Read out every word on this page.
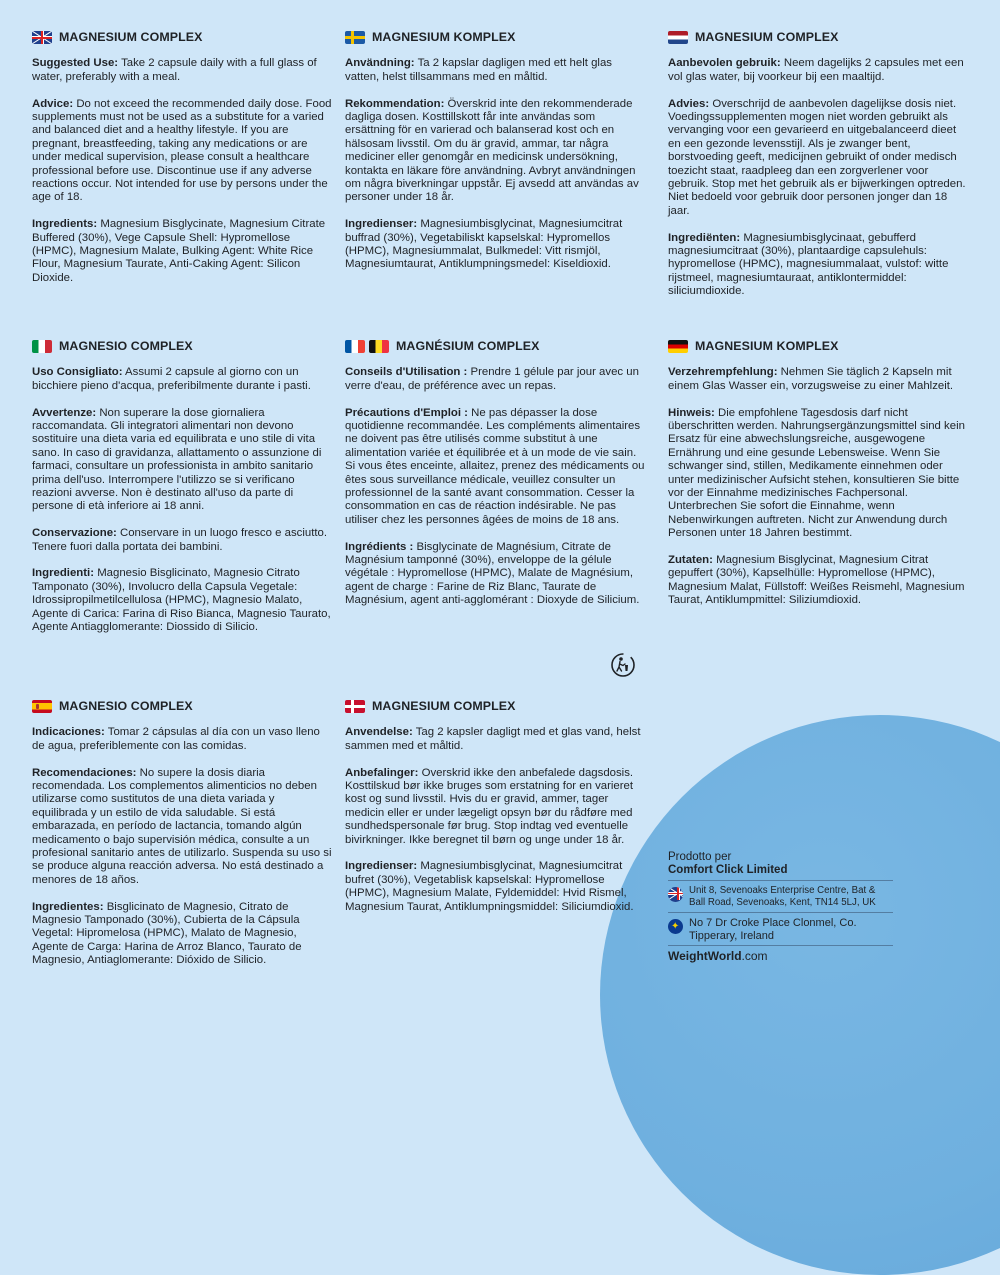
MAGNESIUM COMPLEX

Suggested Use: Take 2 capsule daily with a full glass of water, preferably with a meal.

Advice: Do not exceed the recommended daily dose. Food supplements must not be used as a substitute for a varied and balanced diet and a healthy lifestyle. If you are pregnant, breastfeeding, taking any medications or are under medical supervision, please consult a healthcare professional before use. Discontinue use if any adverse reactions occur. Not intended for use by persons under the age of 18.

Ingredients: Magnesium Bisglycinate, Magnesium Citrate Buffered (30%), Vege Capsule Shell: Hypromellose (HPMC), Magnesium Malate, Bulking Agent: White Rice Flour, Magnesium Taurate, Anti-Caking Agent: Silicon Dioxide.

MAGNESIUM KOMPLEX

Användning: Ta 2 kapslar dagligen med ett helt glas vatten, helst tillsammans med en måltid.

Rekommendation: Överskrid inte den rekommenderade dagliga dosen. Kosttillskott får inte användas som ersättning för en varierad och balanserad kost och en hälsosam livsstil. Om du är gravid, ammar, tar några mediciner eller genomgår en medicinsk undersökning, kontakta en läkare före användning. Avbryt användningen om några biverkningar uppstår. Ej avsedd att användas av personer under 18 år.

Ingredienser: Magnesiumbisglycinat, Magnesiumcitrat buffrad (30%), Vegetabiliskt kapselskal: Hypromellos (HPMC), Magnesiummalat, Bulkmedel: Vitt rismjöl, Magnesiumtaurat, Antiklumpningsmedel: Kiseldioxid.

MAGNESIUM COMPLEX

Aanbevolen gebruik: Neem dagelijks 2 capsules met een vol glas water, bij voorkeur bij een maaltijd.

Advies: Overschrijd de aanbevolen dagelijkse dosis niet. Voedingssupplementen mogen niet worden gebruikt als vervanging voor een gevarieerd en uitgebalanceerd dieet en een gezonde levensstijl. Als je zwanger bent, borstvoeding geeft, medicijnen gebruikt of onder medisch toezicht staat, raadpleeg dan een zorgverlener voor gebruik. Stop met het gebruik als er bijwerkingen optreden. Niet bedoeld voor gebruik door personen jonger dan 18 jaar.

Ingrediënten: Magnesiumbisglycinaat, gebufferd magnesiumcitraat (30%), plantaardige capsulehuls: hypromellose (HPMC), magnesiummalaat, vulstof: witte rijstmeel, magnesiumtauraat, antiklontermiddel: siliciumdioxide.

MAGNESIO COMPLEX

Uso Consigliato: Assumi 2 capsule al giorno con un bicchiere pieno d'acqua, preferibilmente durante i pasti.

Avvertenze: Non superare la dose giornaliera raccomandata. Gli integratori alimentari non devono sostituire una dieta varia ed equilibrata e uno stile di vita sano. In caso di gravidanza, allattamento o assunzione di farmaci, consultare un professionista in ambito sanitario prima dell'uso. Interrompere l'utilizzo se si verificano reazioni avverse. Non è destinato all'uso da parte di persone di età inferiore ai 18 anni.

Conservazione: Conservare in un luogo fresco e asciutto. Tenere fuori dalla portata dei bambini.

Ingredienti: Magnesio Bisglicinato, Magnesio Citrato Tamponato (30%), Involucro della Capsula Vegetale: Idrossipropilmetilcellulosa (HPMC), Magnesio Malato, Agente di Carica: Farina di Riso Bianca, Magnesio Taurato, Agente Antiagglomerante: Diossido di Silicio.

MAGNÉSIUM COMPLEX

Conseils d'Utilisation : Prendre 1 gélule par jour avec un verre d'eau, de préférence avec un repas.

Précautions d'Emploi : Ne pas dépasser la dose quotidienne recommandée. Les compléments alimentaires ne doivent pas être utilisés comme substitut à une alimentation variée et équilibrée et à un mode de vie sain. Si vous êtes enceinte, allaitez, prenez des médicaments ou êtes sous surveillance médicale, veuillez consulter un professionnel de la santé avant consommation. Cesser la consommation en cas de réaction indésirable. Ne pas utiliser chez les personnes âgées de moins de 18 ans.

Ingrédients : Bisglycinate de Magnésium, Citrate de Magnésium tamponné (30%), enveloppe de la gélule végétale : Hypromellose (HPMC), Malate de Magnésium, agent de charge : Farine de Riz Blanc, Taurate de Magnésium, agent anti-agglomérant : Dioxyde de Silicium.

MAGNESIUM KOMPLEX

Verzehrempfehlung: Nehmen Sie täglich 2 Kapseln mit einem Glas Wasser ein, vorzugsweise zu einer Mahlzeit.

Hinweis: Die empfohlene Tagesdosis darf nicht überschritten werden. Nahrungsergänzungsmittel sind kein Ersatz für eine abwechslungsreiche, ausgewogene Ernährung und eine gesunde Lebensweise. Wenn Sie schwanger sind, stillen, Medikamente einnehmen oder unter medizinischer Aufsicht stehen, konsultieren Sie bitte vor der Einnahme medizinisches Fachpersonal. Unterbrechen Sie sofort die Einnahme, wenn Nebenwirkungen auftreten. Nicht zur Anwendung durch Personen unter 18 Jahren bestimmt.

Zutaten: Magnesium Bisglycinat, Magnesium Citrat gepuffert (30%), Kapselhülle: Hypromellose (HPMC), Magnesium Malat, Füllstoff: Weißes Reismehl, Magnesium Taurat, Antiklumpmittel: Siliziumdioxid.

MAGNESIO COMPLEX

Indicaciones: Tomar 2 cápsulas al día con un vaso lleno de agua, preferiblemente con las comidas.

Recomendaciones: No supere la dosis diaria recomendada. Los complementos alimenticios no deben utilizarse como sustitutos de una dieta variada y equilibrada y un estilo de vida saludable. Si está embarazada, en período de lactancia, tomando algún medicamento o bajo supervisión médica, consulte a un profesional sanitario antes de utilizarlo. Suspenda su uso si se produce alguna reacción adversa. No está destinado a menores de 18 años.

Ingredientes: Bisglicinato de Magnesio, Citrato de Magnesio Tamponado (30%), Cubierta de la Cápsula Vegetal: Hipromelosa (HPMC), Malato de Magnesio, Agente de Carga: Harina de Arroz Blanco, Taurato de Magnesio, Antiaglomerante: Dióxido de Silicio.

MAGNESIUM COMPLEX

Anvendelse: Tag 2 kapsler dagligt med et glas vand, helst sammen med et måltid.

Anbefalinger: Overskrid ikke den anbefalede dagsdosis. Kosttilskud bør ikke bruges som erstatning for en varieret kost og sund livsstil. Hvis du er gravid, ammer, tager medicin eller er under lægeligt opsyn bør du rådføre med sundhedspersonale før brug. Stop indtag ved eventuelle bivirkninger. Ikke beregnet til børn og unge under 18 år.

Ingredienser: Magnesiumbisglycinat, Magnesiumcitrat bufret (30%), Vegetablisk kapselskal: Hypromellose (HPMC), Magnesium Malate, Fyldemiddel: Hvid Rismel, Magnesium Taurat, Antiklumpningsmiddel: Siliciumdioxid.

Prodotto per
Comfort Click Limited
Unit 8, Sevenoaks Enterprise Centre, Bat & Ball Road, Sevenoaks, Kent, TN14 5LJ, UK
✦
No 7 Dr Croke Place Clonmel, Co. Tipperary, Ireland
WeightWorld.com
